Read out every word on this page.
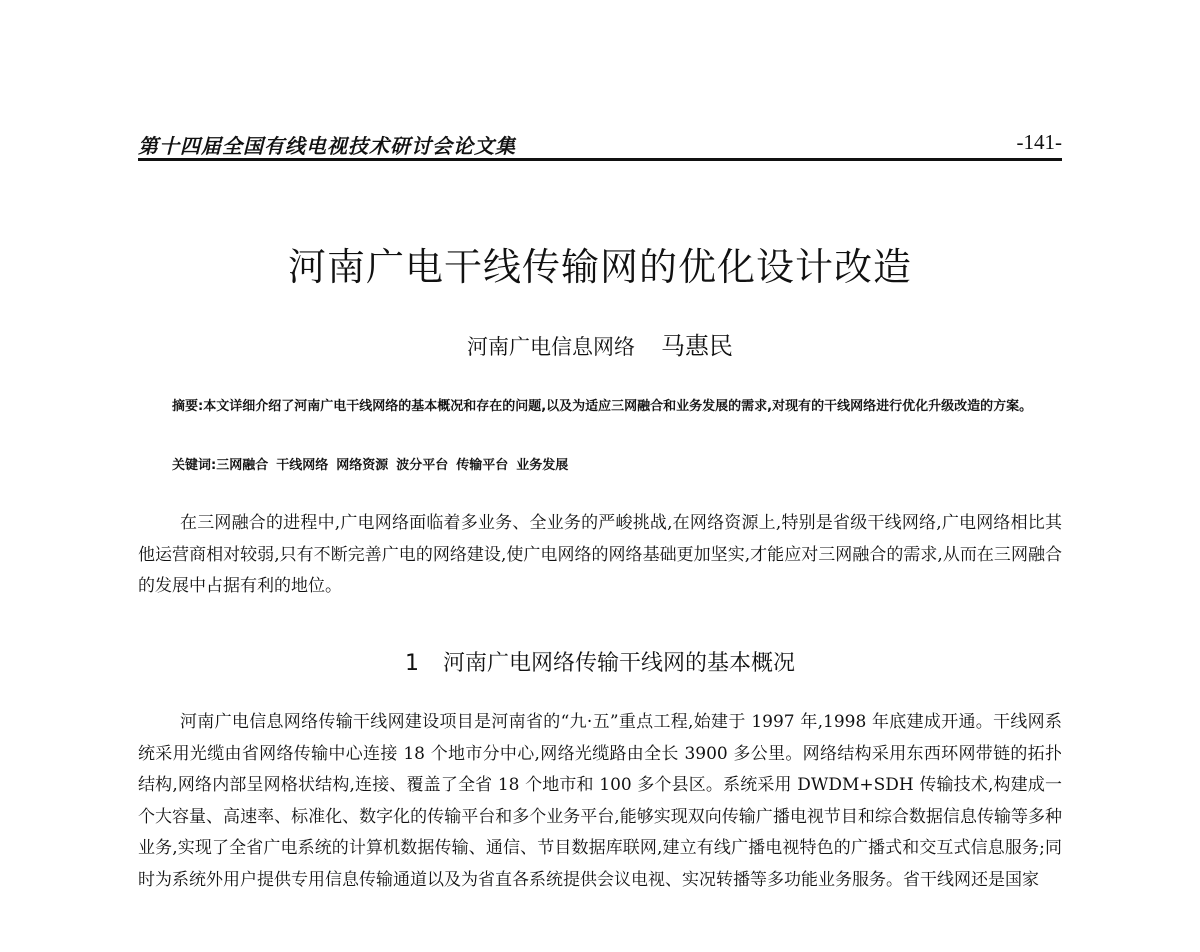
第十四届全国有线电视技术研讨会论文集	-141-
河南广电干线传输网的优化设计改造
河南广电信息网络 马惠民
摘要:本文详细介绍了河南广电干线网络的基本概况和存在的问题,以及为适应三网融合和业务发展的需求,对现有的干线网络进行优化升级改造的方案。
关键词:三网融合 干线网络 网络资源 波分平台 传输平台 业务发展
在三网融合的进程中,广电网络面临着多业务、全业务的严峻挑战,在网络资源上,特别是省级干线网络,广电网络相比其他运营商相对较弱,只有不断完善广电的网络建设,使广电网络的网络基础更加坚实,才能应对三网融合的需求,从而在三网融合的发展中占据有利的地位。
1 河南广电网络传输干线网的基本概况
河南广电信息网络传输干线网建设项目是河南省的“九·五”重点工程,始建于 1997 年,1998 年底建成开通。干线网系统采用光缆由省网络传输中心连接 18 个地市分中心,网络光缆路由全长 3900 多公里。网络结构采用东西环网带链的拓扑结构,网络内部呈网格状结构,连接、覆盖了全省 18 个地市和 100 多个县区。系统采用 DWDM+SDH 传输技术,构建成一个大容量、高速率、标准化、数字化的传输平台和多个业务平台,能够实现双向传输广播电视节目和综合数据信息传输等多种业务,实现了全省广电系统的计算机数据传输、通信、节目数据库联网,建立有线广播电视特色的广播式和交互式信息服务;同时为系统外用户提供专用信息传输通道以及为省直各系统提供会议电视、实况转播等多功能业务服务。省干线网还是国家
